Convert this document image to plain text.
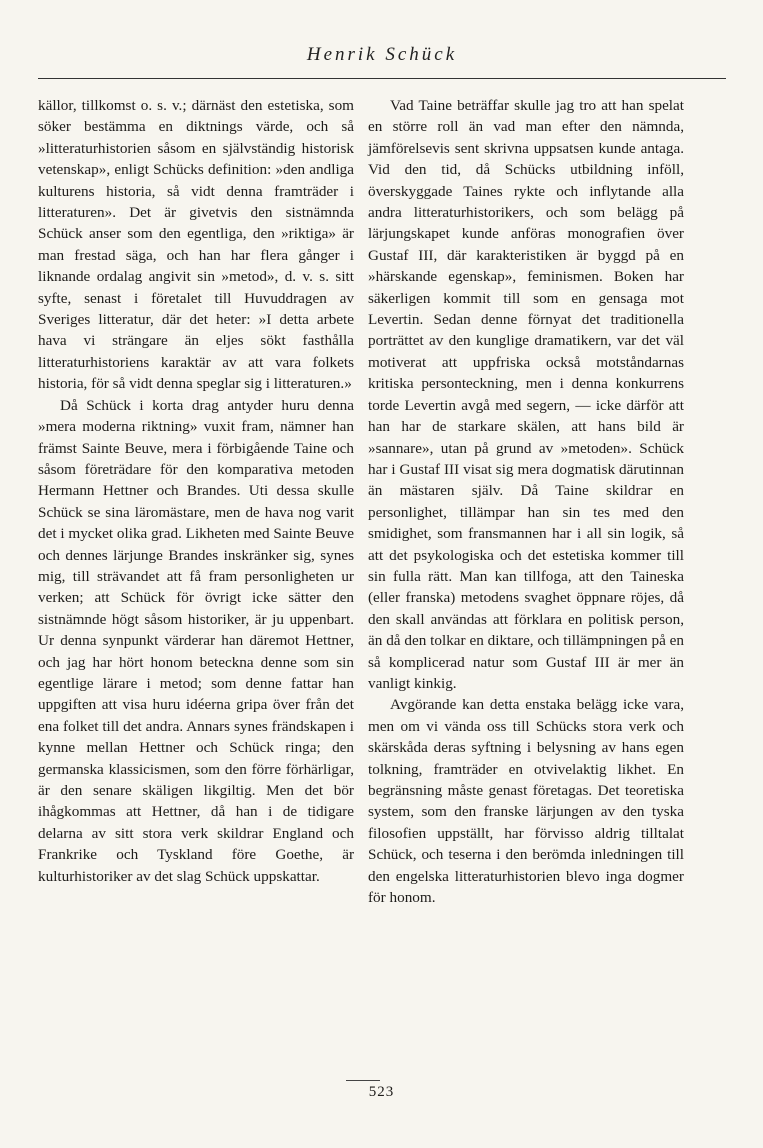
Henrik Schück

källor, tillkomst o. s. v.; därnäst den estetiska, som söker bestämma en diktnings värde, och så »litteraturhistorien såsom en självständig historisk vetenskap», enligt Schücks definition: »den andliga kulturens historia, så vidt denna framträder i litteraturen». Det är givetvis den sistnämnda Schück anser som den egentliga, den »riktiga» är man frestad säga, och han har flera gånger i liknande ordalag angivit sin »metod», d. v. s. sitt syfte, senast i företalet till Huvuddragen av Sveriges litteratur, där det heter: »I detta arbete hava vi strängare än eljes sökt fasthålla litteraturhistoriens karaktär av att vara folkets historia, för så vidt denna speglar sig i litteraturen.»

Då Schück i korta drag antyder huru denna »mera moderna riktning» vuxit fram, nämner han främst Sainte Beuve, mera i förbigående Taine och såsom företrädare för den komparativa metoden Hermann Hettner och Brandes. Uti dessa skulle Schück se sina läromästare, men de hava nog varit det i mycket olika grad. Likheten med Sainte Beuve och dennes lärjunge Brandes inskränker sig, synes mig, till strävandet att få fram personligheten ur verken; att Schück för övrigt icke sätter den sistnämnde högt såsom historiker, är ju uppenbart. Ur denna synpunkt värderar han däremot Hettner, och jag har hört honom beteckna denne som sin egentlige lärare i metod; som denne fattar han uppgiften att visa huru idéerna gripa över från det ena folket till det andra. Annars synes frändskapen i kynne mellan Hettner och Schück ringa; den germanska klassicismen, som den förre förhärligar, är den senare skäligen likgiltig. Men det bör ihågkommas att Hettner, då han i de tidigare delarna av sitt stora verk skildrar England och Frankrike och Tyskland före Goethe, är kulturhistoriker av det slag Schück uppskattar.

Vad Taine beträffar skulle jag tro att han spelat en större roll än vad man efter den nämnda, jämförelsevis sent skrivna uppsatsen kunde antaga. Vid den tid, då Schücks utbildning inföll, överskyggade Taines rykte och inflytande alla andra litteraturhistorikers, och som belägg på lärjungskapet kunde anföras monografien över Gustaf III, där karakteristiken är byggd på en »härskande egenskap», feminismen. Boken har säkerligen kommit till som en gensaga mot Levertin. Sedan denne förnyat det traditionella porträttet av den kunglige dramatikern, var det väl motiverat att uppfriska också motståndarnas kritiska personteckning, men i denna konkurrens torde Levertin avgå med segern, — icke därför att han har de starkare skälen, att hans bild är »sannare», utan på grund av »metoden». Schück har i Gustaf III visat sig mera dogmatisk därutinnan än mästaren själv. Då Taine skildrar en personlighet, tillämpar han sin tes med den smidighet, som fransmannen har i all sin logik, så att det psykologiska och det estetiska kommer till sin fulla rätt. Man kan tillfoga, att den Taineska (eller franska) metodens svaghet öppnare röjes, då den skall användas att förklara en politisk person, än då den tolkar en diktare, och tillämpningen på en så komplicerad natur som Gustaf III är mer än vanligt kinkig.

Avgörande kan detta enstaka belägg icke vara, men om vi vända oss till Schücks stora verk och skärskåda deras syftning i belysning av hans egen tolkning, framträder en otvivelaktig likhet. En begränsning måste genast företagas. Det teoretiska system, som den franske lärjungen av den tyska filosofien uppställt, har förvisso aldrig tilltalat Schück, och teserna i den berömda inledningen till den engelska litteraturhistorien blevo inga dogmer för honom.

523
